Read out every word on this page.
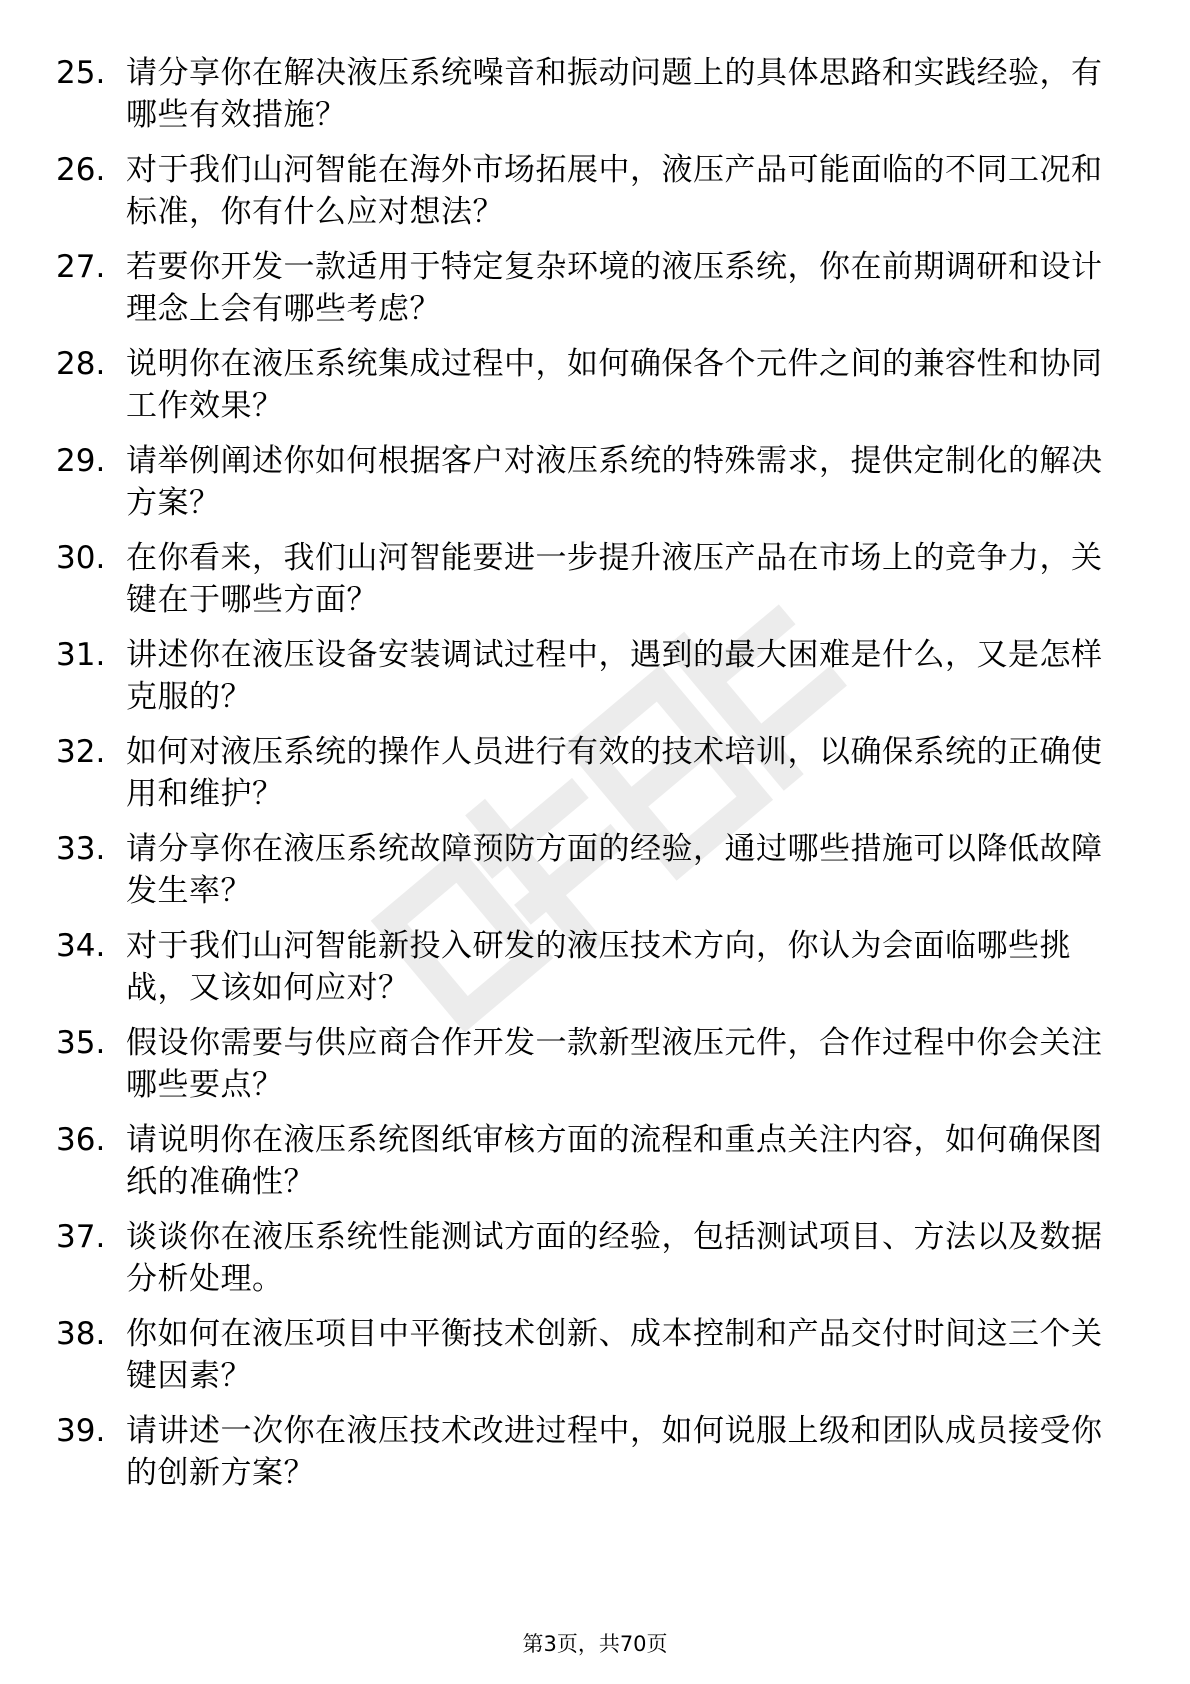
25. 请分享你在解决液压系统噪音和振动问题上的具体思路和实践经验，有哪些有效措施？
26. 对于我们山河智能在海外市场拓展中，液压产品可能面临的不同工况和标准，你有什么应对想法？
27. 若要你开发一款适用于特定复杂环境的液压系统，你在前期调研和设计理念上会有哪些考虑？
28. 说明你在液压系统集成过程中，如何确保各个元件之间的兼容性和协同工作效果？
29. 请举例阐述你如何根据客户对液压系统的特殊需求，提供定制化的解决方案？
30. 在你看来，我们山河智能要进一步提升液压产品在市场上的竞争力，关键在于哪些方面？
31. 讲述你在液压设备安装调试过程中，遇到的最大困难是什么，又是怎样克服的？
32. 如何对液压系统的操作人员进行有效的技术培训，以确保系统的正确使用和维护？
33. 请分享你在液压系统故障预防方面的经验，通过哪些措施可以降低故障发生率？
34. 对于我们山河智能新投入研发的液压技术方向，你认为会面临哪些挑战，又该如何应对？
35. 假设你需要与供应商合作开发一款新型液压元件，合作过程中你会关注哪些要点？
36. 请说明你在液压系统图纸审核方面的流程和重点关注内容，如何确保图纸的准确性？
37. 谈谈你在液压系统性能测试方面的经验，包括测试项目、方法以及数据分析处理。
38. 你如何在液压项目中平衡技术创新、成本控制和产品交付时间这三个关键因素？
39. 请讲述一次你在液压技术改进过程中，如何说服上级和团队成员接受你的创新方案？
第3页，共70页
